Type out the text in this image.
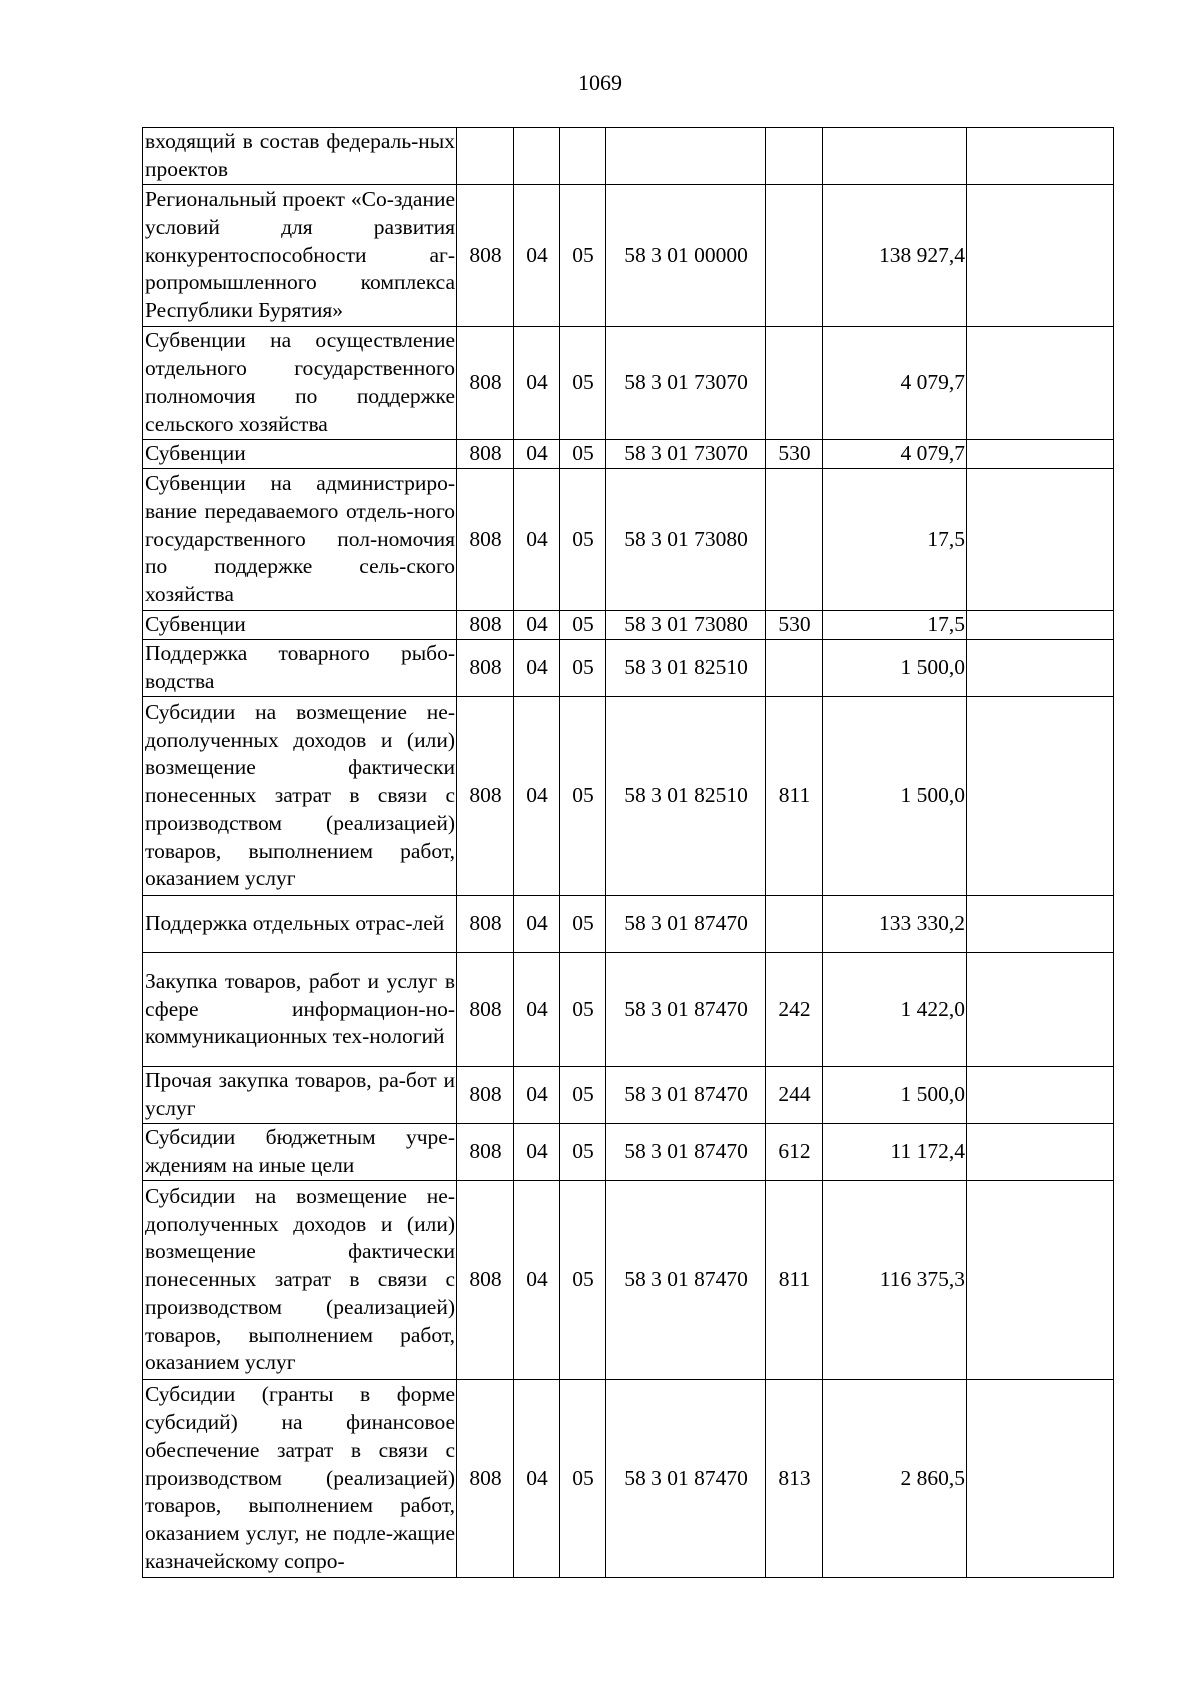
1069
входящий в состав федераль-ных проектов							
Региональный проект «Со-здание условий для развития конкурентоспособности аг-ропромышленного комплекса Республики Бурятия»	808	04	05	58 3 01 00000		138 927,4	
Субвенции на осуществление отдельного государственного полномочия по поддержке сельского хозяйства	808	04	05	58 3 01 73070		4 079,7	
Субвенции	808	04	05	58 3 01 73070	530	4 079,7	
Субвенции на администриро-вание передаваемого отдель-ного государственного пол-номочия по поддержке сель-ского хозяйства	808	04	05	58 3 01 73080		17,5	
Субвенции	808	04	05	58 3 01 73080	530	17,5	
Поддержка товарного рыбо-водства	808	04	05	58 3 01 82510		1 500,0	
Субсидии на возмещение не-дополученных доходов и (или) возмещение фактически понесенных затрат в связи с производством (реализацией) товаров, выполнением работ, оказанием услуг	808	04	05	58 3 01 82510	811	1 500,0	
Поддержка отдельных отрас-лей	808	04	05	58 3 01 87470		133 330,2	
Закупка товаров, работ и услуг в сфере информацион-но-коммуникационных тех-нологий	808	04	05	58 3 01 87470	242	1 422,0	
Прочая закупка товаров, ра-бот и услуг	808	04	05	58 3 01 87470	244	1 500,0	
Субсидии бюджетным учре-ждениям на иные цели	808	04	05	58 3 01 87470	612	11 172,4	
Субсидии на возмещение не-дополученных доходов и (или) возмещение фактически понесенных затрат в связи с производством (реализацией) товаров, выполнением работ, оказанием услуг	808	04	05	58 3 01 87470	811	116 375,3	
Субсидии (гранты в форме субсидий) на финансовое обеспечение затрат в связи с производством (реализацией) товаров, выполнением работ, оказанием услуг, не подле-жащие казначейскому сопро-	808	04	05	58 3 01 87470	813	2 860,5	
